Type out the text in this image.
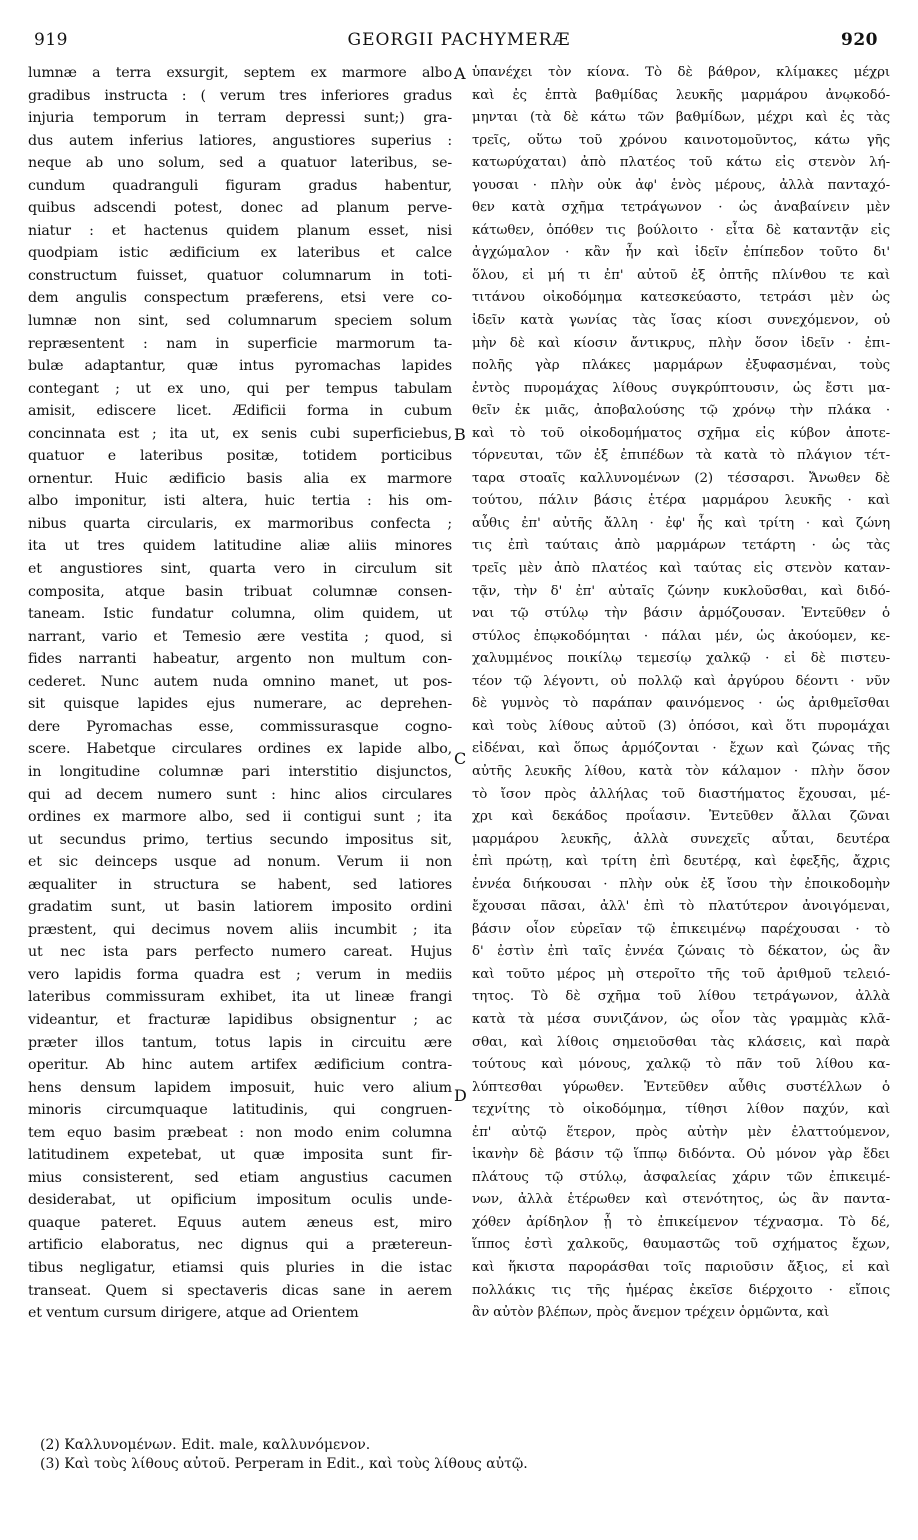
919	GEORGII PACHYMERÆ	920
lumnæ a terra exsurgit, septem ex marmore albo
gradibus instructa : ( verum tres inferiores gradus
injuria temporum in terram depressi sunt;) gra-
dus autem inferius latiores, angustiores superius :
neque ab uno solum, sed a quatuor lateribus, se-
cundum quadranguli figuram gradus habentur,
quibus adscendi potest, donec ad planum perve-
niatur : et hactenus quidem planum esset, nisi
quodpiam istic ædificium ex lateribus et calce
constructum fuisset, quatuor columnarum in toti-
dem angulis conspectum præferens, etsi vere co-
lumnæ non sint, sed columnarum speciem solum
repræsentent : nam in superficie marmorum ta-
bulæ adaptantur, quæ intus pyromachas lapides
contegant ; ut ex uno, qui per tempus tabulam
amisit, ediscere licet. Ædificii forma in cubum
concinnata est ; ita ut, ex senis cubi superficiebus,
quatuor e lateribus positæ, totidem porticibus
ornentur. Huic ædificio basis alia ex marmore
albo imponitur, isti altera, huic tertia : his om-
nibus quarta circularis, ex marmoribus confecta ;
ita ut tres quidem latitudine aliæ aliis minores
et angustiores sint, quarta vero in circulum sit
composita, atque basin tribuat columnæ consen-
taneam. Istic fundatur columna, olim quidem, ut
narrant, vario et Temesio ære vestita ; quod, si
fides narranti habeatur, argento non multum con-
cederet. Nunc autem nuda omnino manet, ut pos-
sit quisque lapides ejus numerare, ac deprehen-
dere Pyromachas esse, commissurasque cogno-
scere. Habetque circulares ordines ex lapide albo,
in longitudine columnæ pari interstitio disjunctos,
qui ad decem numero sunt : hinc alios circulares
ordines ex marmore albo, sed ii contigui sunt ; ita
ut secundus primo, tertius secundo impositus sit,
et sic deinceps usque ad nonum. Verum ii non
æqualiter in structura se habent, sed latiores
gradatim sunt, ut basin latiorem imposito ordini
præstent, qui decimus novem aliis incumbit ; ita
ut nec ista pars perfecto numero careat. Hujus
vero lapidis forma quadra est ; verum in mediis
lateribus commissuram exhibet, ita ut lineæ frangi
videantur, et fracturæ lapidibus obsignentur ; ac
præter illos tantum, totus lapis in circuitu ære
operitur. Ab hinc autem artifex ædificium contra-
hens densum lapidem imposuit, huic vero alium
minoris circumquaque latitudinis, qui congruen-
tem equo basim præbeat : non modo enim columna
latitudinem expetebat, ut quæ imposita sunt fir-
mius consisterent, sed etiam angustius cacumen
desiderabat, ut opificium impositum oculis unde-
quaque pateret. Equus autem æneus est, miro
artificio elaboratus, nec dignus qui a prætereun-
tibus negligatur, etiamsi quis pluries in die istac
transeat. Quem si spectaveris dicas sane in aerem
et ventum cursum dirigere, atque ad Orientem
ὑπανέχει τὸν κίονα. Τὸ δὲ βάθρον, κλίμακες μέχρι
καὶ ἐς ἑπτὰ βαθμίδας λευκῆς μαρμάρου ἀνῳκοδό-
μηνται (τὰ δὲ κάτω τῶν βαθμίδων, μέχρι καὶ ἐς τὰς
τρεῖς, οὕτω τοῦ χρόνου καινοτομοῦντος, κάτω γῆς
κατωρύχαται) ἀπὸ πλατέος τοῦ κάτω εἰς στενὸν λή-
γουσαι · πλὴν οὐκ ἀφ' ἑνὸς μέρους, ἀλλὰ πανταχό-
θεν κατὰ σχῆμα τετράγωνον · ὡς ἀναβαίνειν μὲν
κάτωθεν, ὁπόθεν τις βούλοιτο · εἶτα δὲ καταντᾷν εἰς
ἀγχώμαλον · κἂν ἦν καὶ ἰδεῖν ἐπίπεδον τοῦτο δι'
ὅλου, εἰ μή τι ἐπ' αὐτοῦ ἐξ ὀπτῆς πλίνθου τε καὶ
τιτάνου οἰκοδόμημα κατεσκεύαστο, τετράσι μὲν ὡς
ἰδεῖν κατὰ γωνίας τὰς ἴσας κίοσι συνεχόμενον, οὐ
μὴν δὲ καὶ κίοσιν ἄντικρυς, πλὴν ὅσον ἰδεῖν · ἐπι-
πολῆς γὰρ πλάκες μαρμάρων ἐξυφασμέναι, τοὺς
ἐντὸς πυρομάχας λίθους συγκρύπτουσιν, ὡς ἔστι μα-
θεῖν ἐκ μιᾶς, ἀποβαλούσης τῷ χρόνῳ τὴν πλάκα ·
καὶ τὸ τοῦ οἰκοδομήματος σχῆμα εἰς κύβον ἀποτε-
τόρνευται, τῶν ἐξ ἐπιπέδων τὰ κατὰ τὸ πλάγιον τέτ-
ταρα στοαῖς καλλυνομένων (2) τέσσαρσι. Ἄνωθεν δὲ
τούτου, πάλιν βάσις ἑτέρα μαρμάρου λευκῆς · καὶ
αὖθις ἐπ' αὐτῆς ἄλλη · ἐφ' ἧς καὶ τρίτη · καὶ ζώνη
τις ἐπὶ ταύταις ἀπὸ μαρμάρων τετάρτη · ὡς τὰς
τρεῖς μὲν ἀπὸ πλατέος καὶ ταύτας εἰς στενὸν καταν-
τᾷν, τὴν δ' ἐπ' αὐταῖς ζώνην κυκλοῦσθαι, καὶ διδό-
ναι τῷ στύλῳ τὴν βάσιν ἁρμόζουσαν. Ἐντεῦθεν ὁ
στύλος ἐπῳκοδόμηται · πάλαι μέν, ὡς ἀκούομεν, κε-
χαλυμμένος ποικίλῳ τεμεσίῳ χαλκῷ · εἰ δὲ πιστευ-
τέον τῷ λέγοντι, οὐ πολλῷ καὶ ἀργύρου δέοντι · νῦν
δὲ γυμνὸς τὸ παράπαν φαινόμενος · ὡς ἀριθμεῖσθαι
καὶ τοὺς λίθους αὐτοῦ (3) ὁπόσοι, καὶ ὅτι πυρομάχαι
εἰδέναι, καὶ ὅπως ἁρμόζονται · ἔχων καὶ ζώνας τῆς
αὐτῆς λευκῆς λίθου, κατὰ τὸν κάλαμον · πλὴν ὅσον
τὸ ἴσον πρὸς ἀλλήλας τοῦ διαστήματος ἔχουσαι, μέ-
χρι καὶ δεκάδος προΐασιν. Ἐντεῦθεν ἄλλαι ζῶναι
μαρμάρου λευκῆς, ἀλλὰ συνεχεῖς αὗται, δευτέρα
ἐπὶ πρώτῃ, καὶ τρίτη ἐπὶ δευτέρᾳ, καὶ ἐφεξῆς, ἄχρις
ἐννέα διήκουσαι · πλὴν οὐκ ἐξ ἴσου τὴν ἐποικοδομὴν
ἔχουσαι πᾶσαι, ἀλλ' ἐπὶ τὸ πλατύτερον ἀνοιγόμεναι,
βάσιν οἷον εὐρεῖαν τῷ ἐπικειμένῳ παρέχουσαι · τὸ
δ' ἐστὶν ἐπὶ ταῖς ἐννέα ζώναις τὸ δέκατον, ὡς ἂν
καὶ τοῦτο μέρος μὴ στεροῖτο τῆς τοῦ ἀριθμοῦ τελειό-
τητος. Τὸ δὲ σχῆμα τοῦ λίθου τετράγωνον, ἀλλὰ
κατὰ τὰ μέσα συνιζάνον, ὡς οἷον τὰς γραμμὰς κλᾶ-
σθαι, καὶ λίθοις σημειοῦσθαι τὰς κλάσεις, καὶ παρὰ
τούτους καὶ μόνους, χαλκῷ τὸ πᾶν τοῦ λίθου κα-
λύπτεσθαι γύρωθεν. Ἐντεῦθεν αὖθις συστέλλων ὁ
τεχνίτης τὸ οἰκοδόμημα, τίθησι λίθον παχύν, καὶ
ἐπ' αὐτῷ ἕτερον, πρὸς αὐτὴν μὲν ἐλαττούμενον,
ἱκανὴν δὲ βάσιν τῷ ἵππῳ διδόντα. Οὐ μόνον γὰρ ἔδει
πλάτους τῷ στύλῳ, ἀσφαλείας χάριν τῶν ἐπικειμέ-
νων, ἀλλὰ ἑτέρωθεν καὶ στενότητος, ὡς ἂν παντα-
χόθεν ἀρίδηλον ᾖ τὸ ἐπικείμενον τέχνασμα. Τὸ δέ,
ἵππος ἐστὶ χαλκοῦς, θαυμαστῶς τοῦ σχήματος ἔχων,
καὶ ἥκιστα παροράσθαι τοῖς παριοῦσιν ἄξιος, εἰ καὶ
πολλάκις τις τῆς ἡμέρας ἐκεῖσε διέρχοιτο · εἴποις
ἂν αὐτὸν βλέπων, πρὸς ἄνεμον τρέχειν ὁρμῶντα, καὶ
A
B
C
D
(2) Καλλυνομένων. Edit. male, καλλυνόμενον.
(3) Καὶ τοὺς λίθους αὐτοῦ. Perperam in Edit., καὶ τοὺς λίθους αὐτῷ.
